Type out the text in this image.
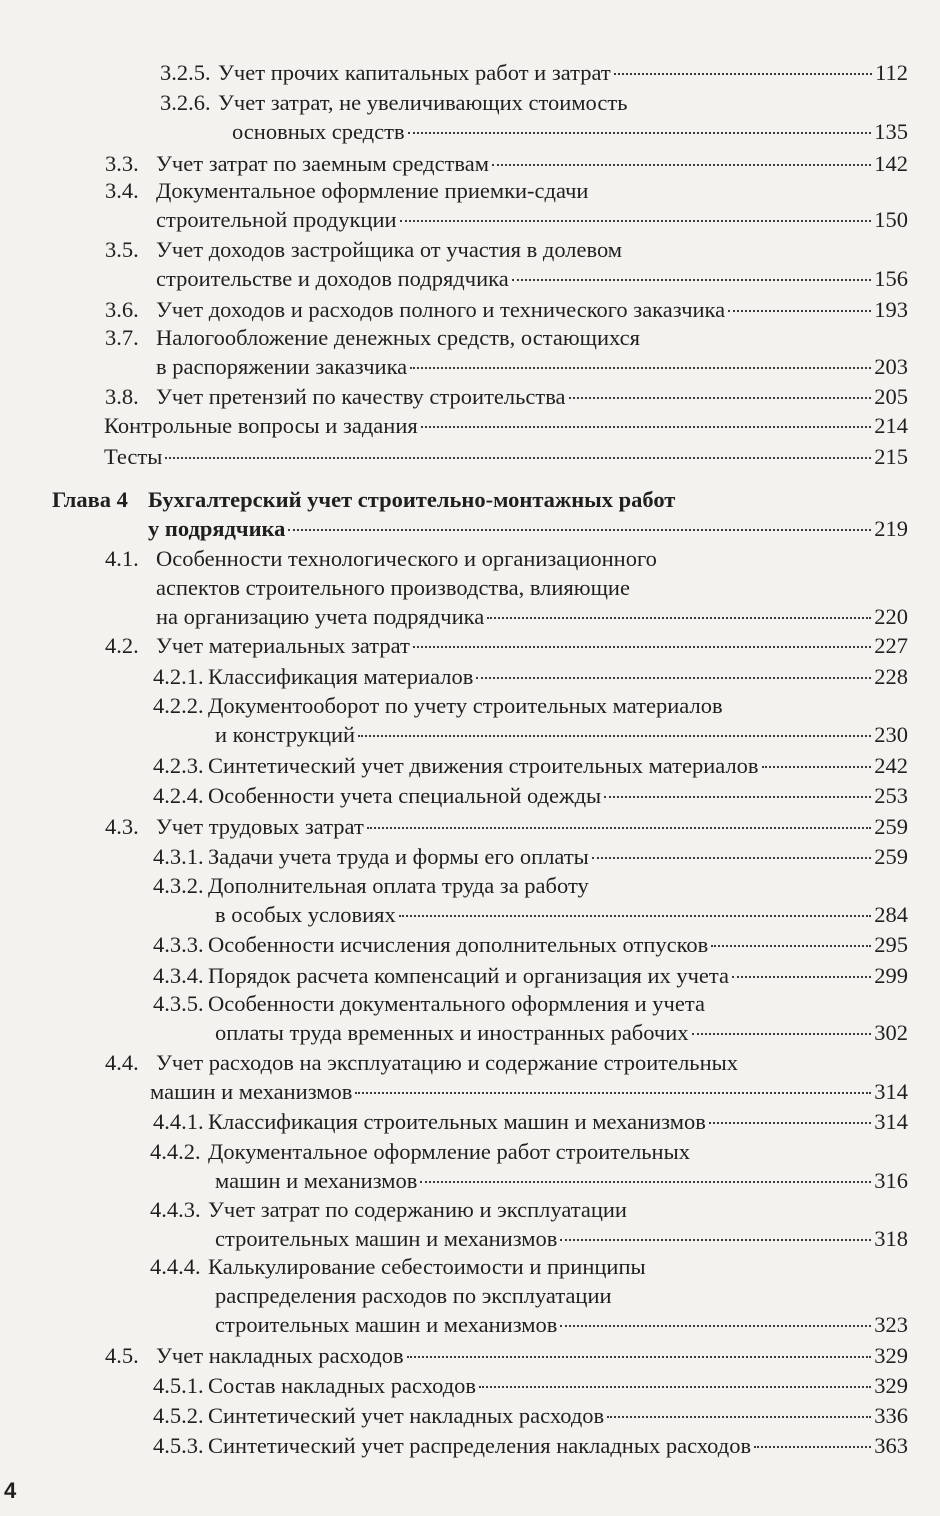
3.2.5. Учет прочих капитальных работ и затрат	112
3.2.6. Учет затрат, не увеличивающих стоимость
основных средств	135
3.3. Учет затрат по заемным средствам	142
3.4. Документальное оформление приемки-сдачи
строительной продукции	150
3.5. Учет доходов застройщика от участия в долевом
строительстве и доходов подрядчика	156
3.6. Учет доходов и расходов полного и технического заказчика	193
3.7. Налогообложение денежных средств, остающихся
в распоряжении заказчика	203
3.8. Учет претензий по качеству строительства	205
Контрольные вопросы и задания	214
Тесты	215
Глава 4 Бухгалтерский учет строительно-монтажных работ
у подрядчика	219
4.1. Особенности технологического и организационного
аспектов строительного производства, влияющие
на организацию учета подрядчика	220
4.2. Учет материальных затрат	227
4.2.1. Классификация материалов	228
4.2.2. Документооборот по учету строительных материалов
и конструкций	230
4.2.3. Синтетический учет движения строительных материалов	242
4.2.4. Особенности учета специальной одежды	253
4.3. Учет трудовых затрат	259
4.3.1. Задачи учета труда и формы его оплаты	259
4.3.2. Дополнительная оплата труда за работу
в особых условиях	284
4.3.3. Особенности исчисления дополнительных отпусков	295
4.3.4. Порядок расчета компенсаций и организация их учета	299
4.3.5. Особенности документального оформления и учета
оплаты труда временных и иностранных рабочих	302
4.4. Учет расходов на эксплуатацию и содержание строительных
машин и механизмов	314
4.4.1. Классификация строительных машин и механизмов	314
4.4.2. Документальное оформление работ строительных
машин и механизмов	316
4.4.3. Учет затрат по содержанию и эксплуатации
строительных машин и механизмов	318
4.4.4. Калькулирование себестоимости и принципы
распределения расходов по эксплуатации
строительных машин и механизмов	323
4.5. Учет накладных расходов	329
4.5.1. Состав накладных расходов	329
4.5.2. Синтетический учет накладных расходов	336
4.5.3. Синтетический учет распределения накладных расходов	363
4
